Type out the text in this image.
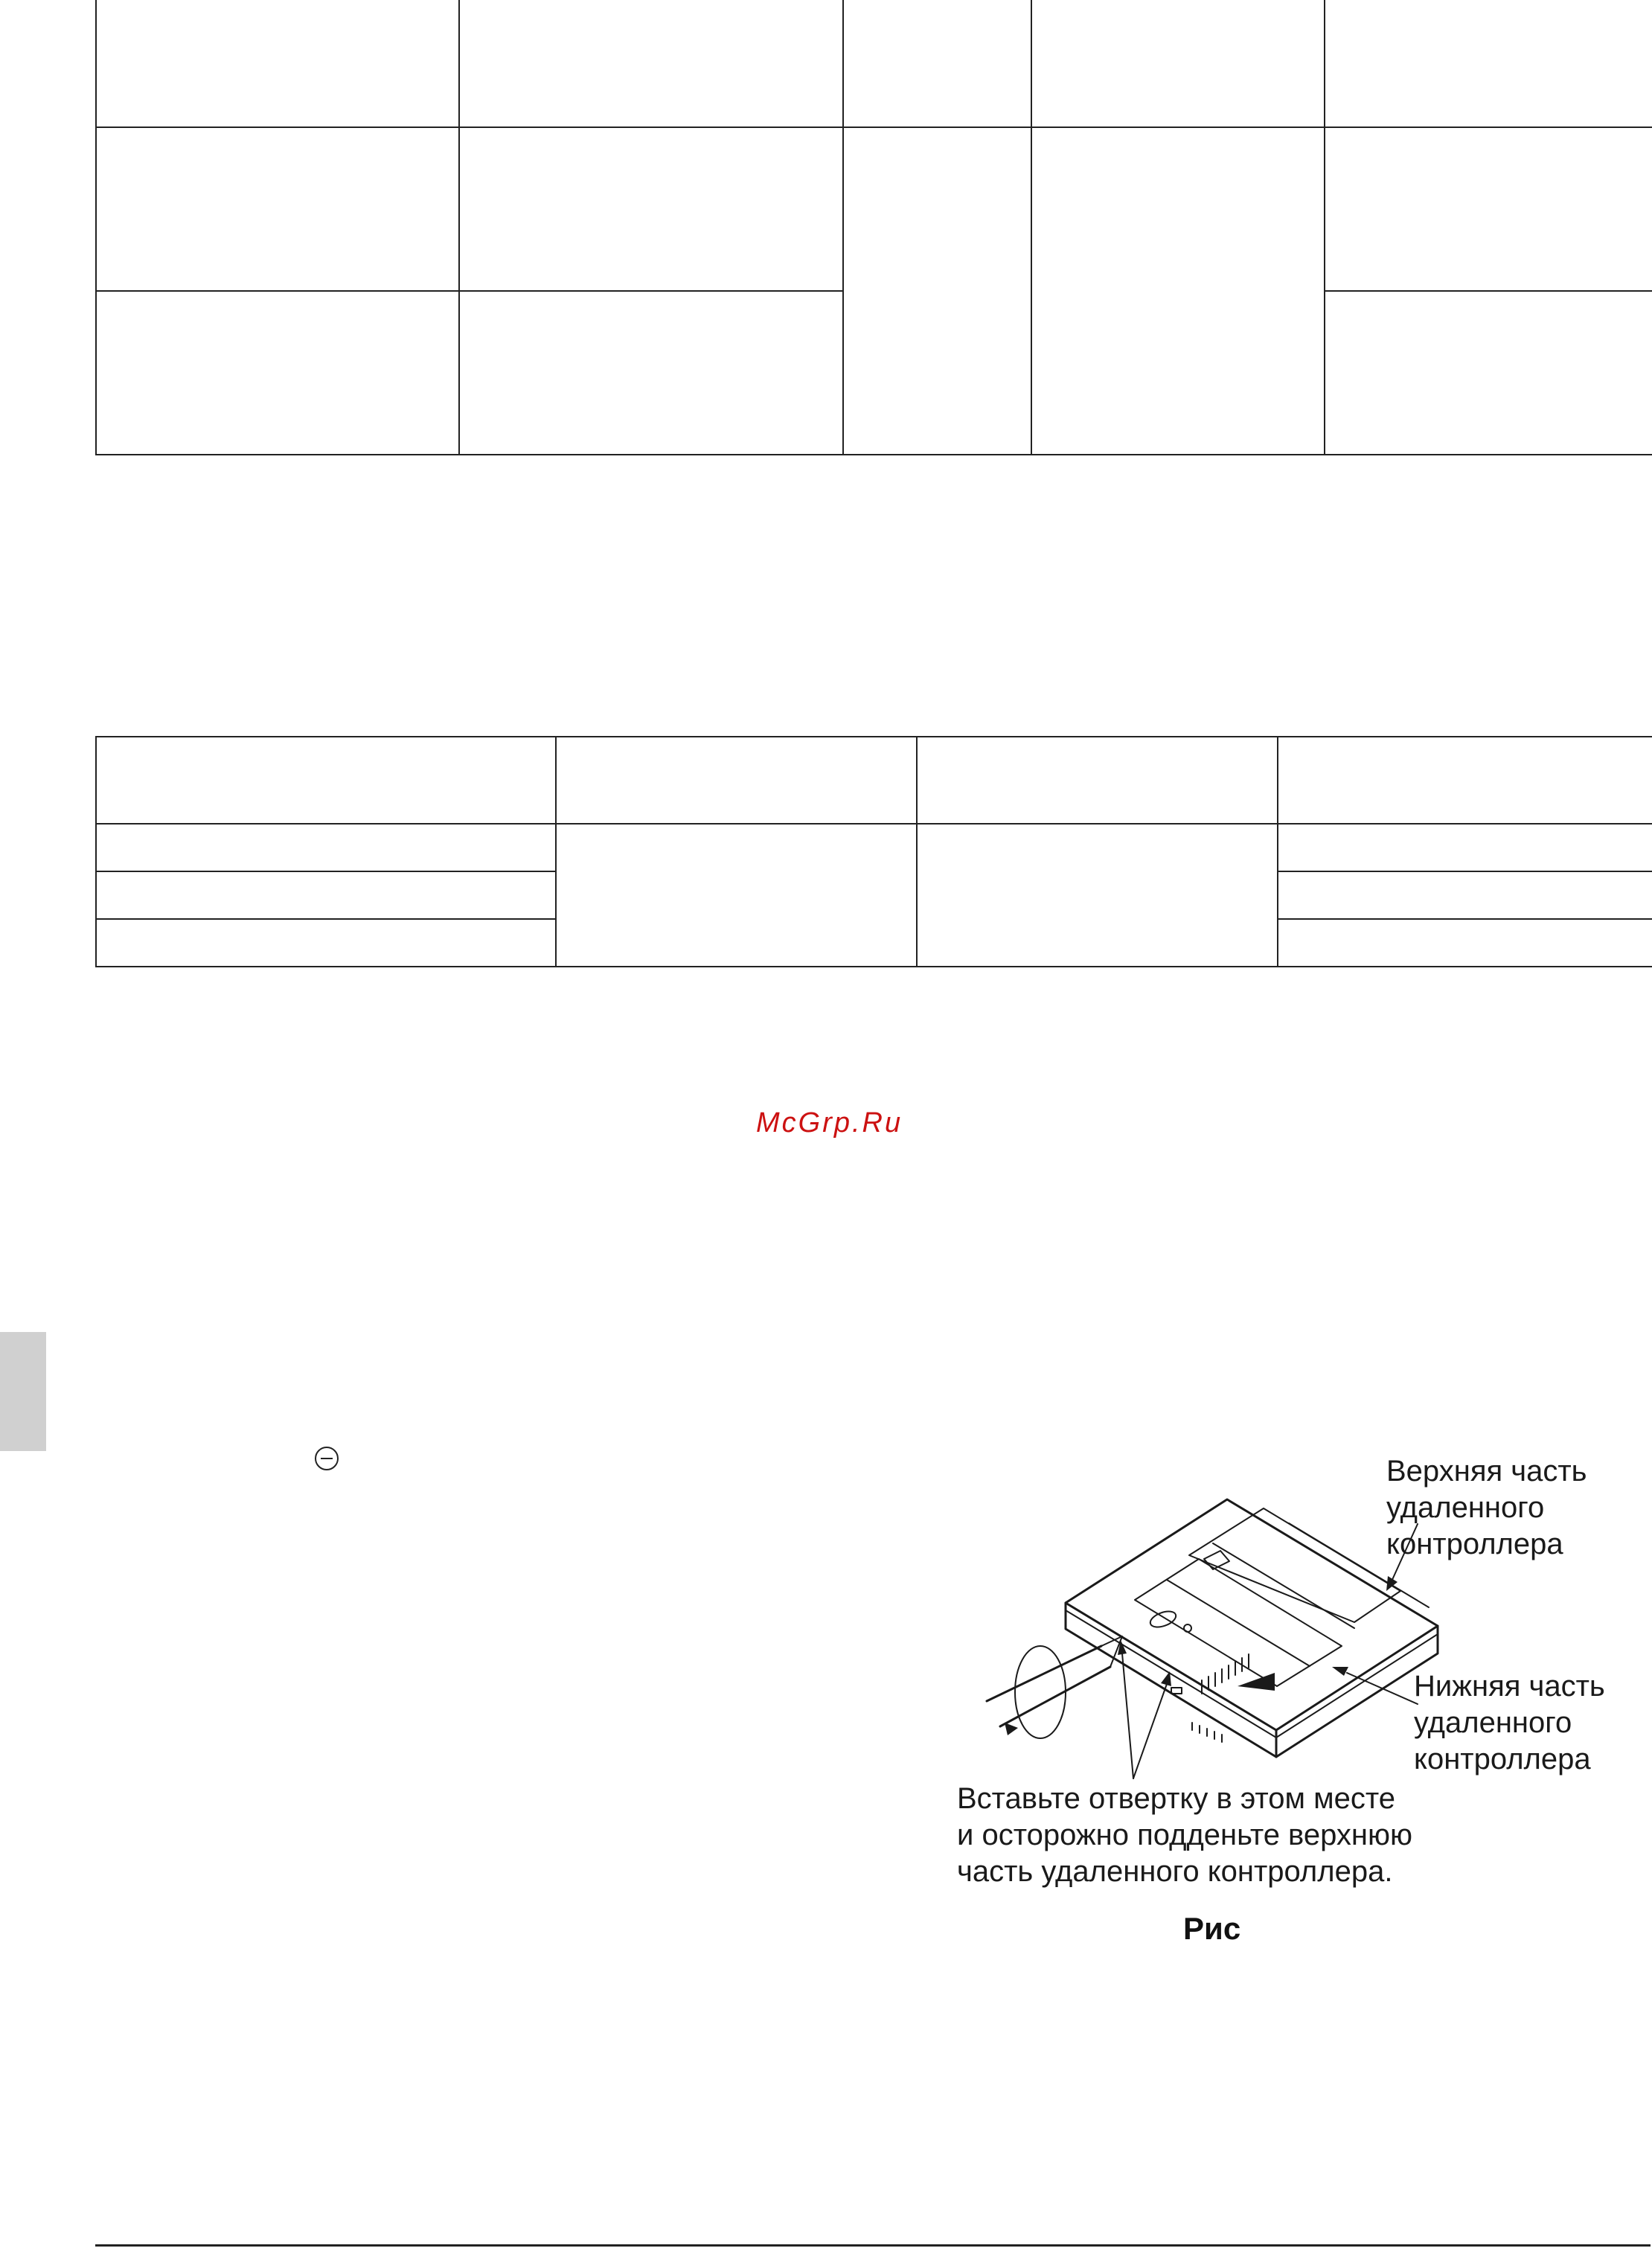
McGrp.Ru
Верхняя часть
удаленного
контроллера
Нижняя часть
удаленного
контроллера
Вставьте отвертку в этом месте
и осторожно подденьте верхнюю
часть удаленного контроллера.
Рис
